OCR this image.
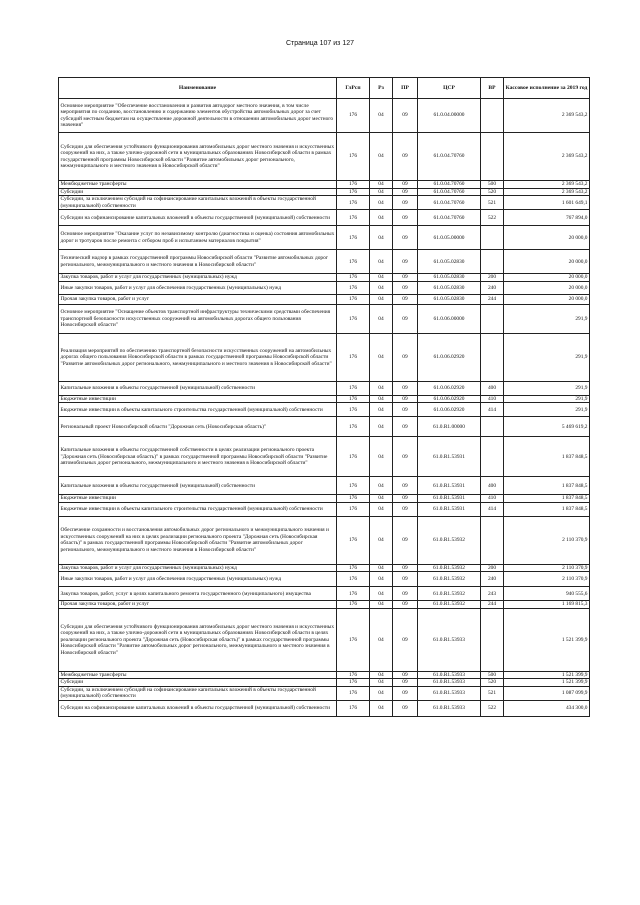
Страница 107 из 127
Наименование	ГлРсп	Рз	ПР	ЦСР	ВР	Кассовое исполнение за 2019 год
Основное мероприятие "Обеспечение восстановления и развития автодорог местного значения, в том числе мероприятия по созданию, восстановлению и содержанию элементов обустройства автомобильных дорог за счет субсидий местным бюджетам на осуществление дорожной деятельности в отношении автомобильных дорог местного значения"	176	04	09	61.0.04.00000		2 369 543,2
Субсидии для обеспечения устойчивого функционирования автомобильных дорог местного значения и искусственных сооружений на них, а также улично-дорожной сети в муниципальных образованиях Новосибирской области в рамках государственной программы Новосибирской области "Развитие автомобильных дорог регионального, межмуниципального и местного значения в Новосибирской области"	176	04	09	61.0.04.70760		2 369 543,2
Межбюджетные трансферты	176	04	09	61.0.04.70760	500	2 369 543,2
Субсидии	176	04	09	61.0.04.70760	520	2 369 543,2
Субсидии, за исключением субсидий на софинансирование капитальных вложений в объекты государственной (муниципальной) собственности	176	04	09	61.0.04.70760	521	1 601 649,1
Субсидии на софинансирование капитальных вложений в объекты государственной (муниципальной) собственности	176	04	09	61.0.04.70760	522	767 894,0
Основное мероприятие "Оказание услуг по независимому контролю (диагностика и оценка) состояния автомобильных дорог и тротуаров после ремонта с отбором проб и испытанием материалов покрытия"	176	04	09	61.0.05.00000		20 000,0
Технический надзор в рамках государственной программы Новосибирской области "Развитие автомобильных дорог регионального, межмуниципального и местного значения в Новосибирской области"	176	04	09	61.0.05.02830		20 000,0
Закупка товаров, работ и услуг для государственных (муниципальных) нужд	176	04	09	61.0.05.02830	200	20 000,0
Иные закупки товаров, работ и услуг для обеспечения государственных (муниципальных) нужд	176	04	09	61.0.05.02830	240	20 000,0
Прочая закупка товаров, работ и услуг	176	04	09	61.0.05.02830	244	20 000,0
Основное мероприятие "Оснащение объектов транспортной инфраструктуры техническими средствами обеспечения транспортной безопасности искусственных сооружений на автомобильных дорогах общего пользования Новосибирской области"	176	04	09	61.0.06.00000		291,9
Реализация мероприятий по обеспечению транспортной безопасности искусственных сооружений на автомобильных дорогах общего пользования Новосибирской области в рамках государственной программы Новосибирской области "Развитие автомобильных дорог регионального, межмуниципального и местного значения в Новосибирской области"	176	04	09	61.0.06.02920		291,9
Капитальные вложения в объекты государственной (муниципальной) собственности	176	04	09	61.0.06.02920	400	291,9
Бюджетные инвестиции	176	04	09	61.0.06.02920	410	291,9
Бюджетные инвестиции в объекты капитального строительства государственной (муниципальной) собственности	176	04	09	61.0.06.02920	414	291,9
Региональный проект Новосибирской области "Дорожная сеть (Новосибирская область)"	176	04	09	61.0.R1.00000		5 469 619,2
Капитальные вложения в объекты государственной собственности в целях реализации регионального проекта "Дорожная сеть (Новосибирская область)" в рамках государственной программы Новосибирской области "Развитие автомобильных дорог регионального, межмуниципального и местного значения в Новосибирской области"	176	04	09	61.0.R1.53931		1 837 848,5
Капитальные вложения в объекты государственной (муниципальной) собственности	176	04	09	61.0.R1.53931	400	1 837 848,5
Бюджетные инвестиции	176	04	09	61.0.R1.53931	410	1 837 848,5
Бюджетные инвестиции в объекты капитального строительства государственной (муниципальной) собственности	176	04	09	61.0.R1.53931	414	1 837 848,5
Обеспечение сохранности и восстановления автомобильных дорог регионального и межмуниципального значения и искусственных сооружений на них в целях реализации регионального проекта "Дорожная сеть (Новосибирская область)" в рамках государственной программы Новосибирской области "Развитие автомобильных дорог регионального, межмуниципального и местного значения в Новосибирской области"	176	04	09	61.0.R1.53932		2 110 370,9
Закупка товаров, работ и услуг для государственных (муниципальных) нужд	176	04	09	61.0.R1.53932	200	2 110 370,9
Иные закупки товаров, работ и услуг для обеспечения государственных (муниципальных) нужд	176	04	09	61.0.R1.53932	240	2 110 370,9
Закупка товаров, работ, услуг в целях капитального ремонта государственного (муниципального) имущества	176	04	09	61.0.R1.53932	243	940 555,6
Прочая закупка товаров, работ и услуг	176	04	09	61.0.R1.53932	244	1 169 815,3
Субсидии для обеспечения устойчивого функционирования автомобильных дорог местного значения и искусственных сооружений на них, а также улично-дорожной сети в муниципальных образованиях Новосибирской области в целях реализации регионального проекта "Дорожная сеть (Новосибирская область)" в рамках государственной программы Новосибирской области "Развитие автомобильных дорог регионального, межмуниципального и местного значения в Новосибирской области"	176	04	09	61.0.R1.53933		1 521 399,9
Межбюджетные трансферты	176	04	09	61.0.R1.53933	500	1 521 399,9
Субсидии	176	04	09	61.0.R1.53933	520	1 521 399,9
Субсидии, за исключением субсидий на софинансирование капитальных вложений в объекты государственной (муниципальной) собственности	176	04	09	61.0.R1.53933	521	1 087 099,9
Субсидии на софинансирование капитальных вложений в объекты государственной (муниципальной) собственности	176	04	09	61.0.R1.53933	522	434 300,0
